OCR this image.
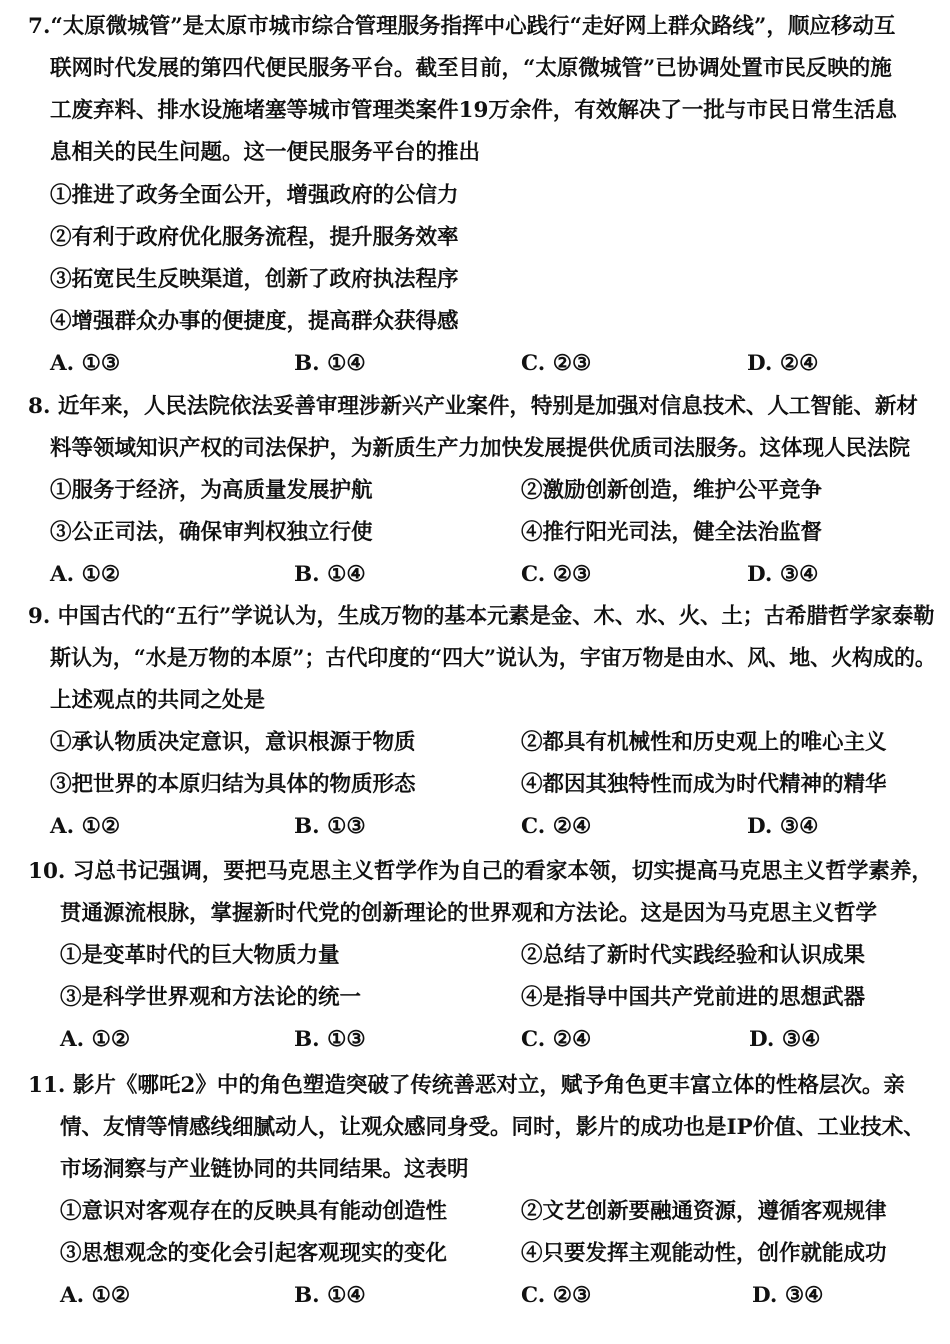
7.“太原微城管”是太原市城市综合管理服务指挥中心践行“走好网上群众路线”，顺应移动互
联网时代发展的第四代便民服务平台。截至目前，“太原微城管”已协调处置市民反映的施
工废弃料、排水设施堵塞等城市管理类案件19万余件，有效解决了一批与市民日常生活息
息相关的民生问题。这一便民服务平台的推出
①推进了政务全面公开，增强政府的公信力
②有利于政府优化服务流程，提升服务效率
③拓宽民生反映渠道，创新了政府执法程序
④增强群众办事的便捷度，提高群众获得感
A. ①③	B. ①④	C. ②③	D. ②④
8. 近年来，人民法院依法妥善审理涉新兴产业案件，特别是加强对信息技术、人工智能、新材
料等领域知识产权的司法保护，为新质生产力加快发展提供优质司法服务。这体现人民法院
①服务于经济，为高质量发展护航	②激励创新创造，维护公平竞争
③公正司法，确保审判权独立行使	④推行阳光司法，健全法治监督
A. ①②	B. ①④	C. ②③	D. ③④
9. 中国古代的“五行”学说认为，生成万物的基本元素是金、木、水、火、土；古希腊哲学家泰勒
斯认为，“水是万物的本原”；古代印度的“四大”说认为，宇宙万物是由水、风、地、火构成的。
上述观点的共同之处是
①承认物质决定意识，意识根源于物质	②都具有机械性和历史观上的唯心主义
③把世界的本原归结为具体的物质形态	④都因其独特性而成为时代精神的精华
A. ①②	B. ①③	C. ②④	D. ③④
10. 习总书记强调，要把马克思主义哲学作为自己的看家本领，切实提高马克思主义哲学素养，
贯通源流根脉，掌握新时代党的创新理论的世界观和方法论。这是因为马克思主义哲学
①是变革时代的巨大物质力量	②总结了新时代实践经验和认识成果
③是科学世界观和方法论的统一	④是指导中国共产党前进的思想武器
A. ①②	B. ①③	C. ②④	D. ③④
11. 影片《哪吒2》中的角色塑造突破了传统善恶对立，赋予角色更丰富立体的性格层次。亲
情、友情等情感线细腻动人，让观众感同身受。同时，影片的成功也是IP价值、工业技术、
市场洞察与产业链协同的共同结果。这表明
①意识对客观存在的反映具有能动创造性	②文艺创新要融通资源，遵循客观规律
③思想观念的变化会引起客观现实的变化	④只要发挥主观能动性，创作就能成功
A. ①②	B. ①④	C. ②③	D. ③④
